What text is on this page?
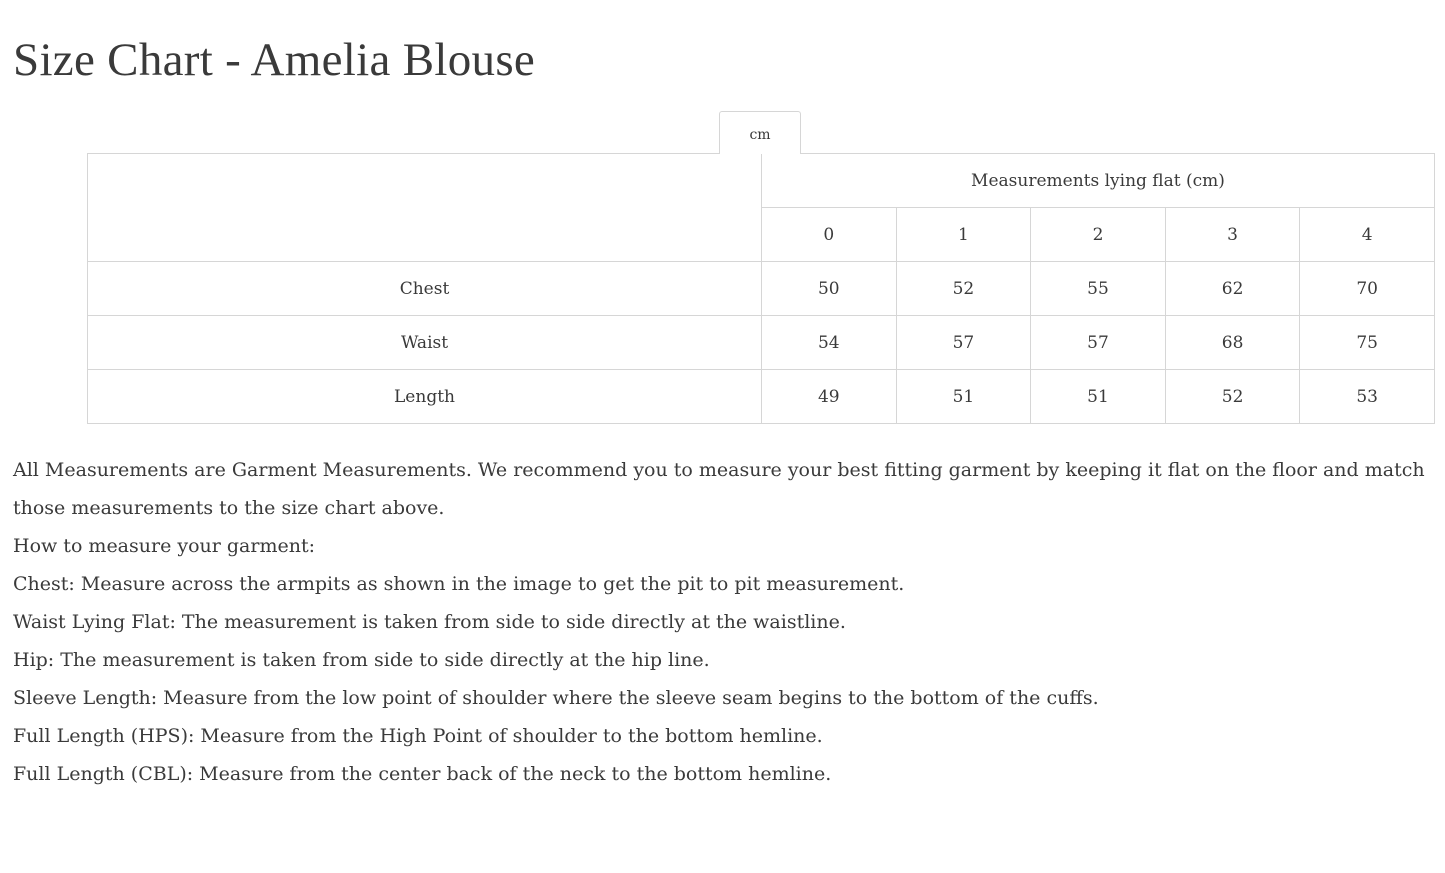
Size Chart - Amelia Blouse
cm
	Measurements lying flat (cm)				
	0	1	2	3	4
Chest	50	52	55	62	70
Waist	54	57	57	68	75
Length	49	51	51	52	53

All Measurements are Garment Measurements. We recommend you to measure your best fitting garment by keeping it flat on the floor and match those measurements to the size chart above.

How to measure your garment:

Chest: Measure across the armpits as shown in the image to get the pit to pit measurement.

Waist Lying Flat: The measurement is taken from side to side directly at the waistline.

Hip: The measurement is taken from side to side directly at the hip line.

Sleeve Length: Measure from the low point of shoulder where the sleeve seam begins to the bottom of the cuffs.

Full Length (HPS): Measure from the High Point of shoulder to the bottom hemline.

Full Length (CBL): Measure from the center back of the neck to the bottom hemline.
